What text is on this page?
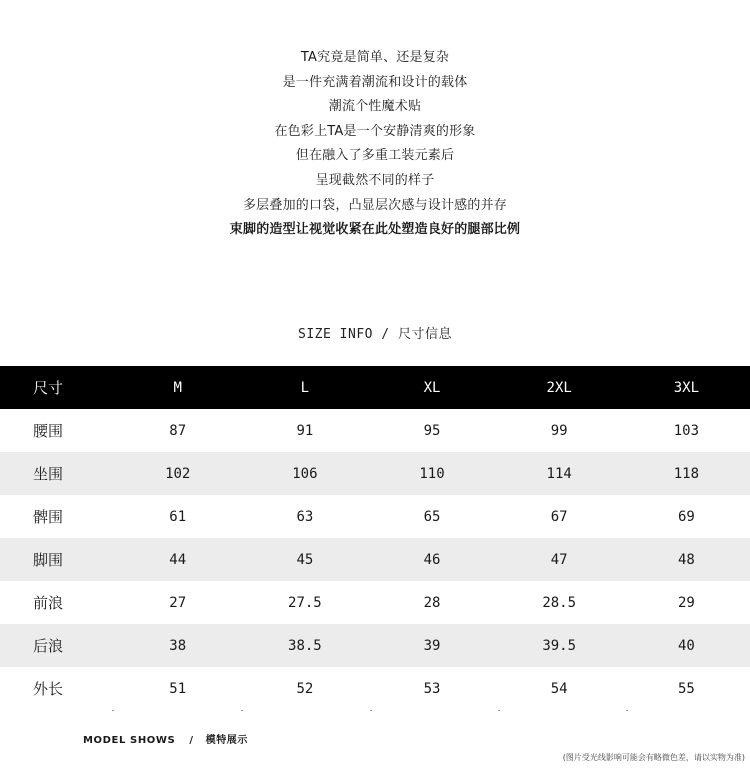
TA究竟是简单、还是复杂
是一件充满着潮流和设计的载体
潮流个性魔术贴
在色彩上TA是一个安静清爽的形象
但在融入了多重工装元素后
呈现截然不同的样子
多层叠加的口袋，凸显层次感与设计感的并存
束脚的造型让视觉收紧在此处塑造良好的腿部比例
SIZE INFO / 尺寸信息
尺寸	M	L	XL	2XL	3XL
腰围	87	91	95	99	103
坐围	102	106	110	114	118
髀围	61	63	65	67	69
脚围	44	45	46	47	48
前浪	27	27.5	28	28.5	29
后浪	38	38.5	39	39.5	40
外长	51	52	53	54	55
MODEL SHOWS / 模特展示
(图片受光线影响可能会有略微色差，请以实物为准)
